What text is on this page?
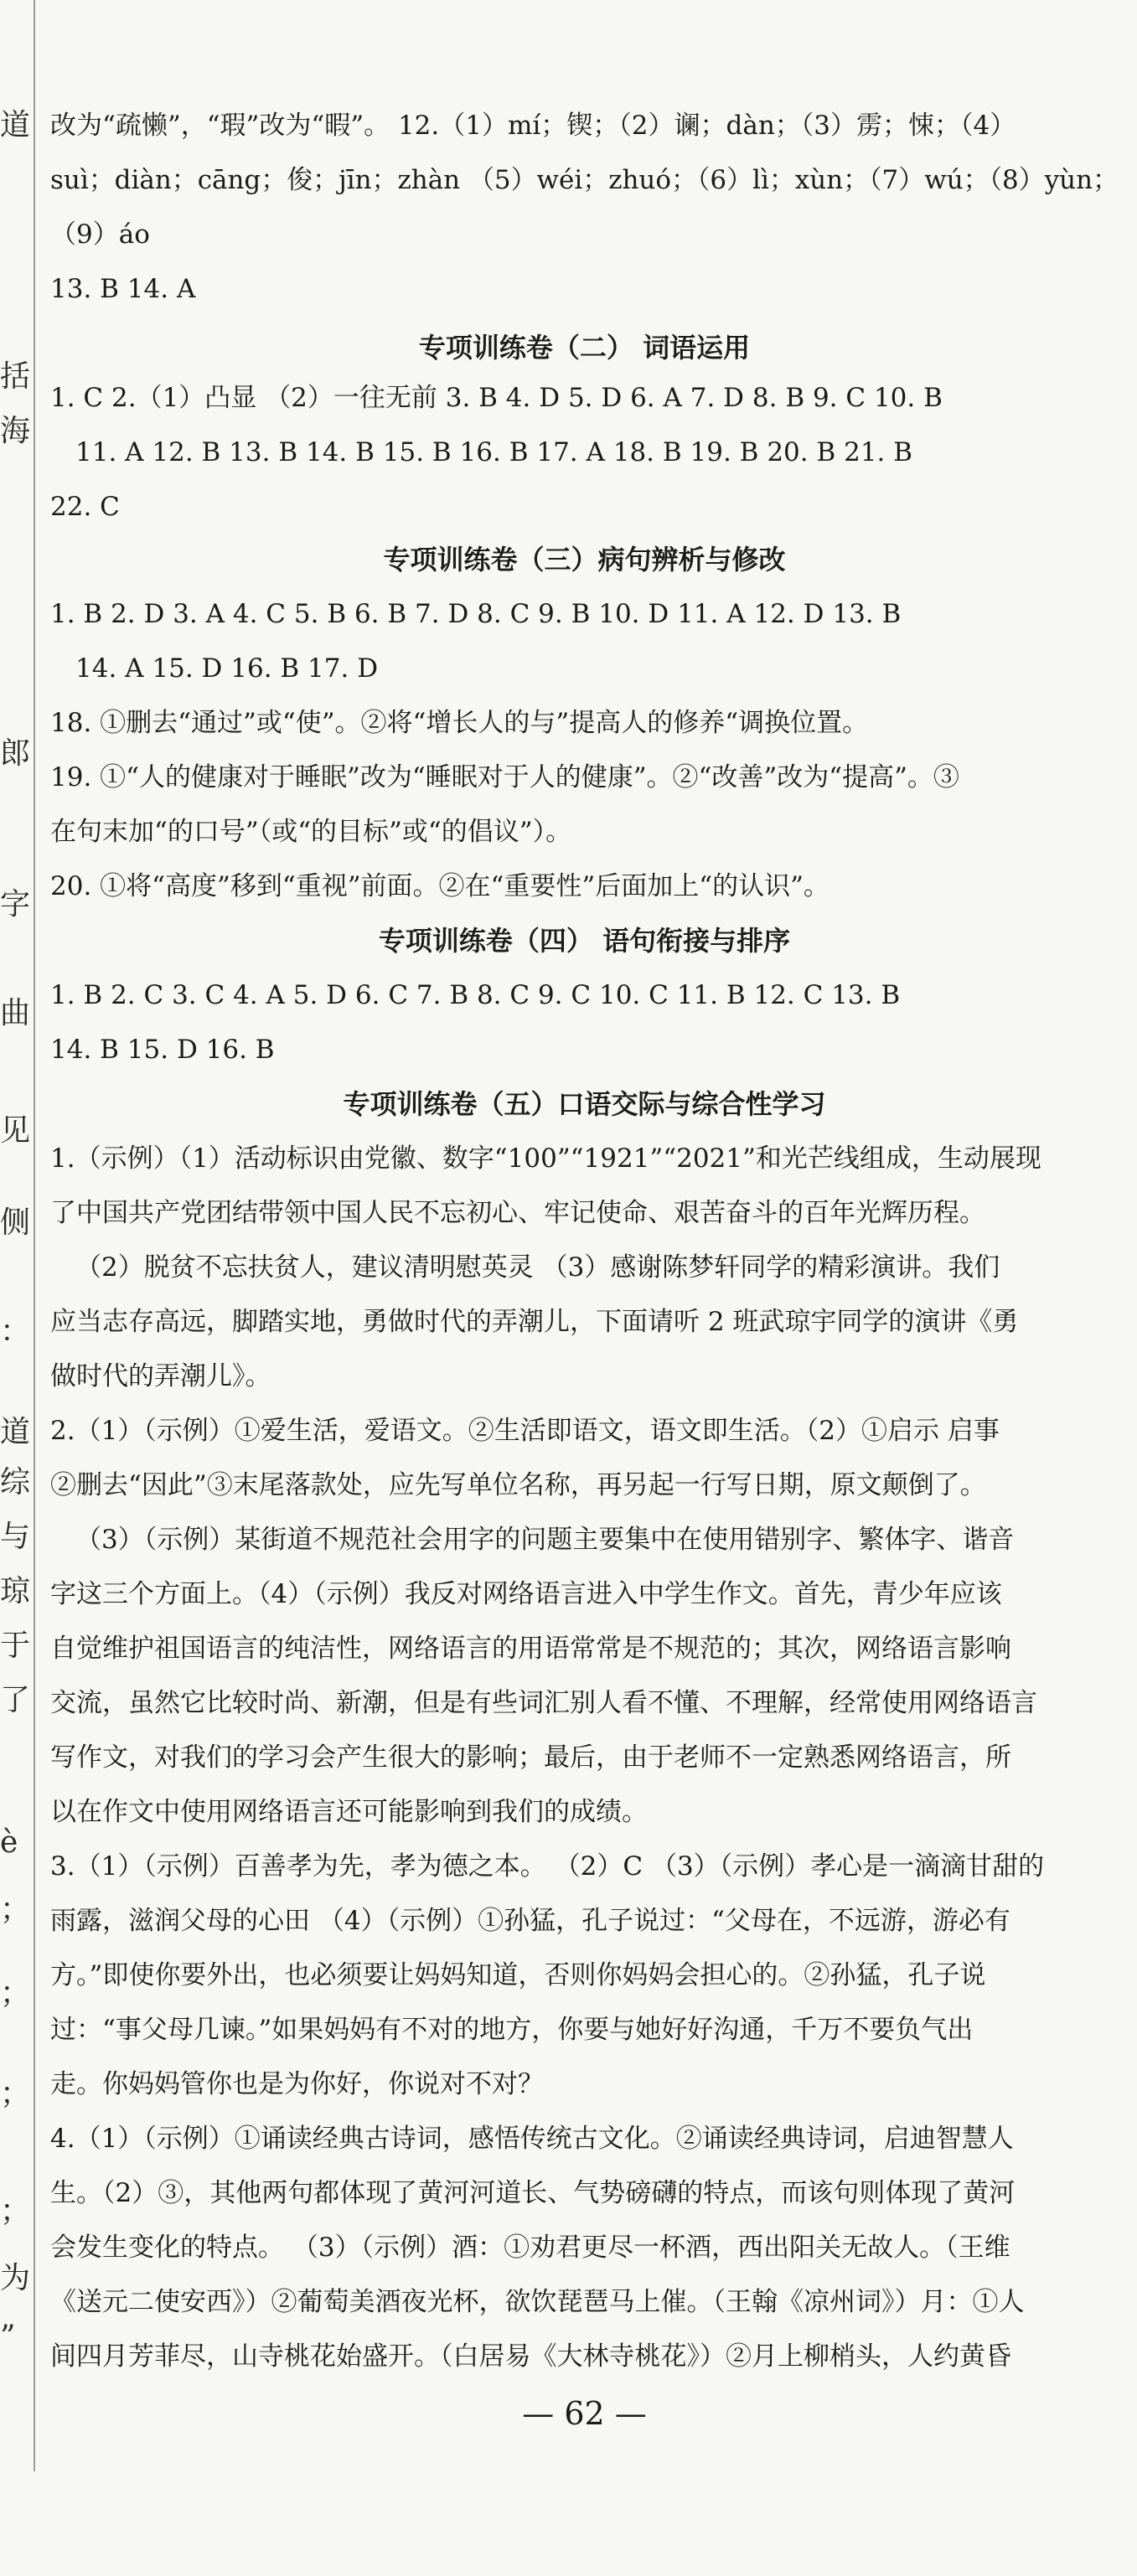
道
括
海
郎
字
曲
见
侧
：
道
综
与
琼
于
了
è
；
；
；
；
为
”
改为“疏懒”，“瑕”改为“暇”。 12.（1）mí；锲；（2）谰；dàn；（3）雳；悚；（4）
suì；diàn；cāng；俊；jīn；zhàn （5）wéi；zhuó；（6）lì；xùn；（7）wú；（8）yùn；
（9）áo
13. B 14. A
专项训练卷（二） 词语运用
1. C 2.（1）凸显 （2）一往无前 3. B 4. D 5. D 6. A 7. D 8. B 9. C 10. B
11. A 12. B 13. B 14. B 15. B 16. B 17. A 18. B 19. B 20. B 21. B
22. C
专项训练卷（三）病句辨析与修改
1. B 2. D 3. A 4. C 5. B 6. B 7. D 8. C 9. B 10. D 11. A 12. D 13. B
14. A 15. D 16. B 17. D
18. ①删去“通过”或“使”。②将“增长人的与”提高人的修养“调换位置。
19. ①“人的健康对于睡眠”改为“睡眠对于人的健康”。②“改善”改为“提高”。③
在句末加“的口号”（或“的目标”或“的倡议”）。
20. ①将“高度”移到“重视”前面。②在“重要性”后面加上“的认识”。
专项训练卷（四） 语句衔接与排序
1. B 2. C 3. C 4. A 5. D 6. C 7. B 8. C 9. C 10. C 11. B 12. C 13. B
14. B 15. D 16. B
专项训练卷（五）口语交际与综合性学习
1.（示例）（1）活动标识由党徽、数字“100”“1921”“2021”和光芒线组成，生动展现
了中国共产党团结带领中国人民不忘初心、牢记使命、艰苦奋斗的百年光辉历程。
（2）脱贫不忘扶贫人，建议清明慰英灵 （3）感谢陈梦轩同学的精彩演讲。我们
应当志存高远，脚踏实地，勇做时代的弄潮儿，下面请听 2 班武琼宇同学的演讲《勇
做时代的弄潮儿》。
2.（1）（示例）①爱生活，爱语文。②生活即语文，语文即生活。（2）①启示 启事
②删去“因此”③末尾落款处，应先写单位名称，再另起一行写日期，原文颠倒了。
（3）（示例）某街道不规范社会用字的问题主要集中在使用错别字、繁体字、谐音
字这三个方面上。（4）（示例）我反对网络语言进入中学生作文。首先，青少年应该
自觉维护祖国语言的纯洁性，网络语言的用语常常是不规范的；其次，网络语言影响
交流，虽然它比较时尚、新潮，但是有些词汇别人看不懂、不理解，经常使用网络语言
写作文，对我们的学习会产生很大的影响；最后，由于老师不一定熟悉网络语言，所
以在作文中使用网络语言还可能影响到我们的成绩。
3.（1）（示例）百善孝为先，孝为德之本。 （2）C （3）（示例）孝心是一滴滴甘甜的
雨露，滋润父母的心田 （4）（示例）①孙猛，孔子说过：“父母在，不远游，游必有
方。”即使你要外出，也必须要让妈妈知道，否则你妈妈会担心的。②孙猛，孔子说
过：“事父母几谏。”如果妈妈有不对的地方，你要与她好好沟通，千万不要负气出
走。你妈妈管你也是为你好，你说对不对？
4.（1）（示例）①诵读经典古诗词，感悟传统古文化。②诵读经典诗词，启迪智慧人
生。（2）③，其他两句都体现了黄河河道长、气势磅礴的特点，而该句则体现了黄河
会发生变化的特点。 （3）（示例）酒：①劝君更尽一杯酒，西出阳关无故人。（王维
《送元二使安西》）②葡萄美酒夜光杯，欲饮琵琶马上催。（王翰《凉州词》）月：①人
间四月芳菲尽，山寺桃花始盛开。（白居易《大林寺桃花》）②月上柳梢头，人约黄昏
— 62 —
